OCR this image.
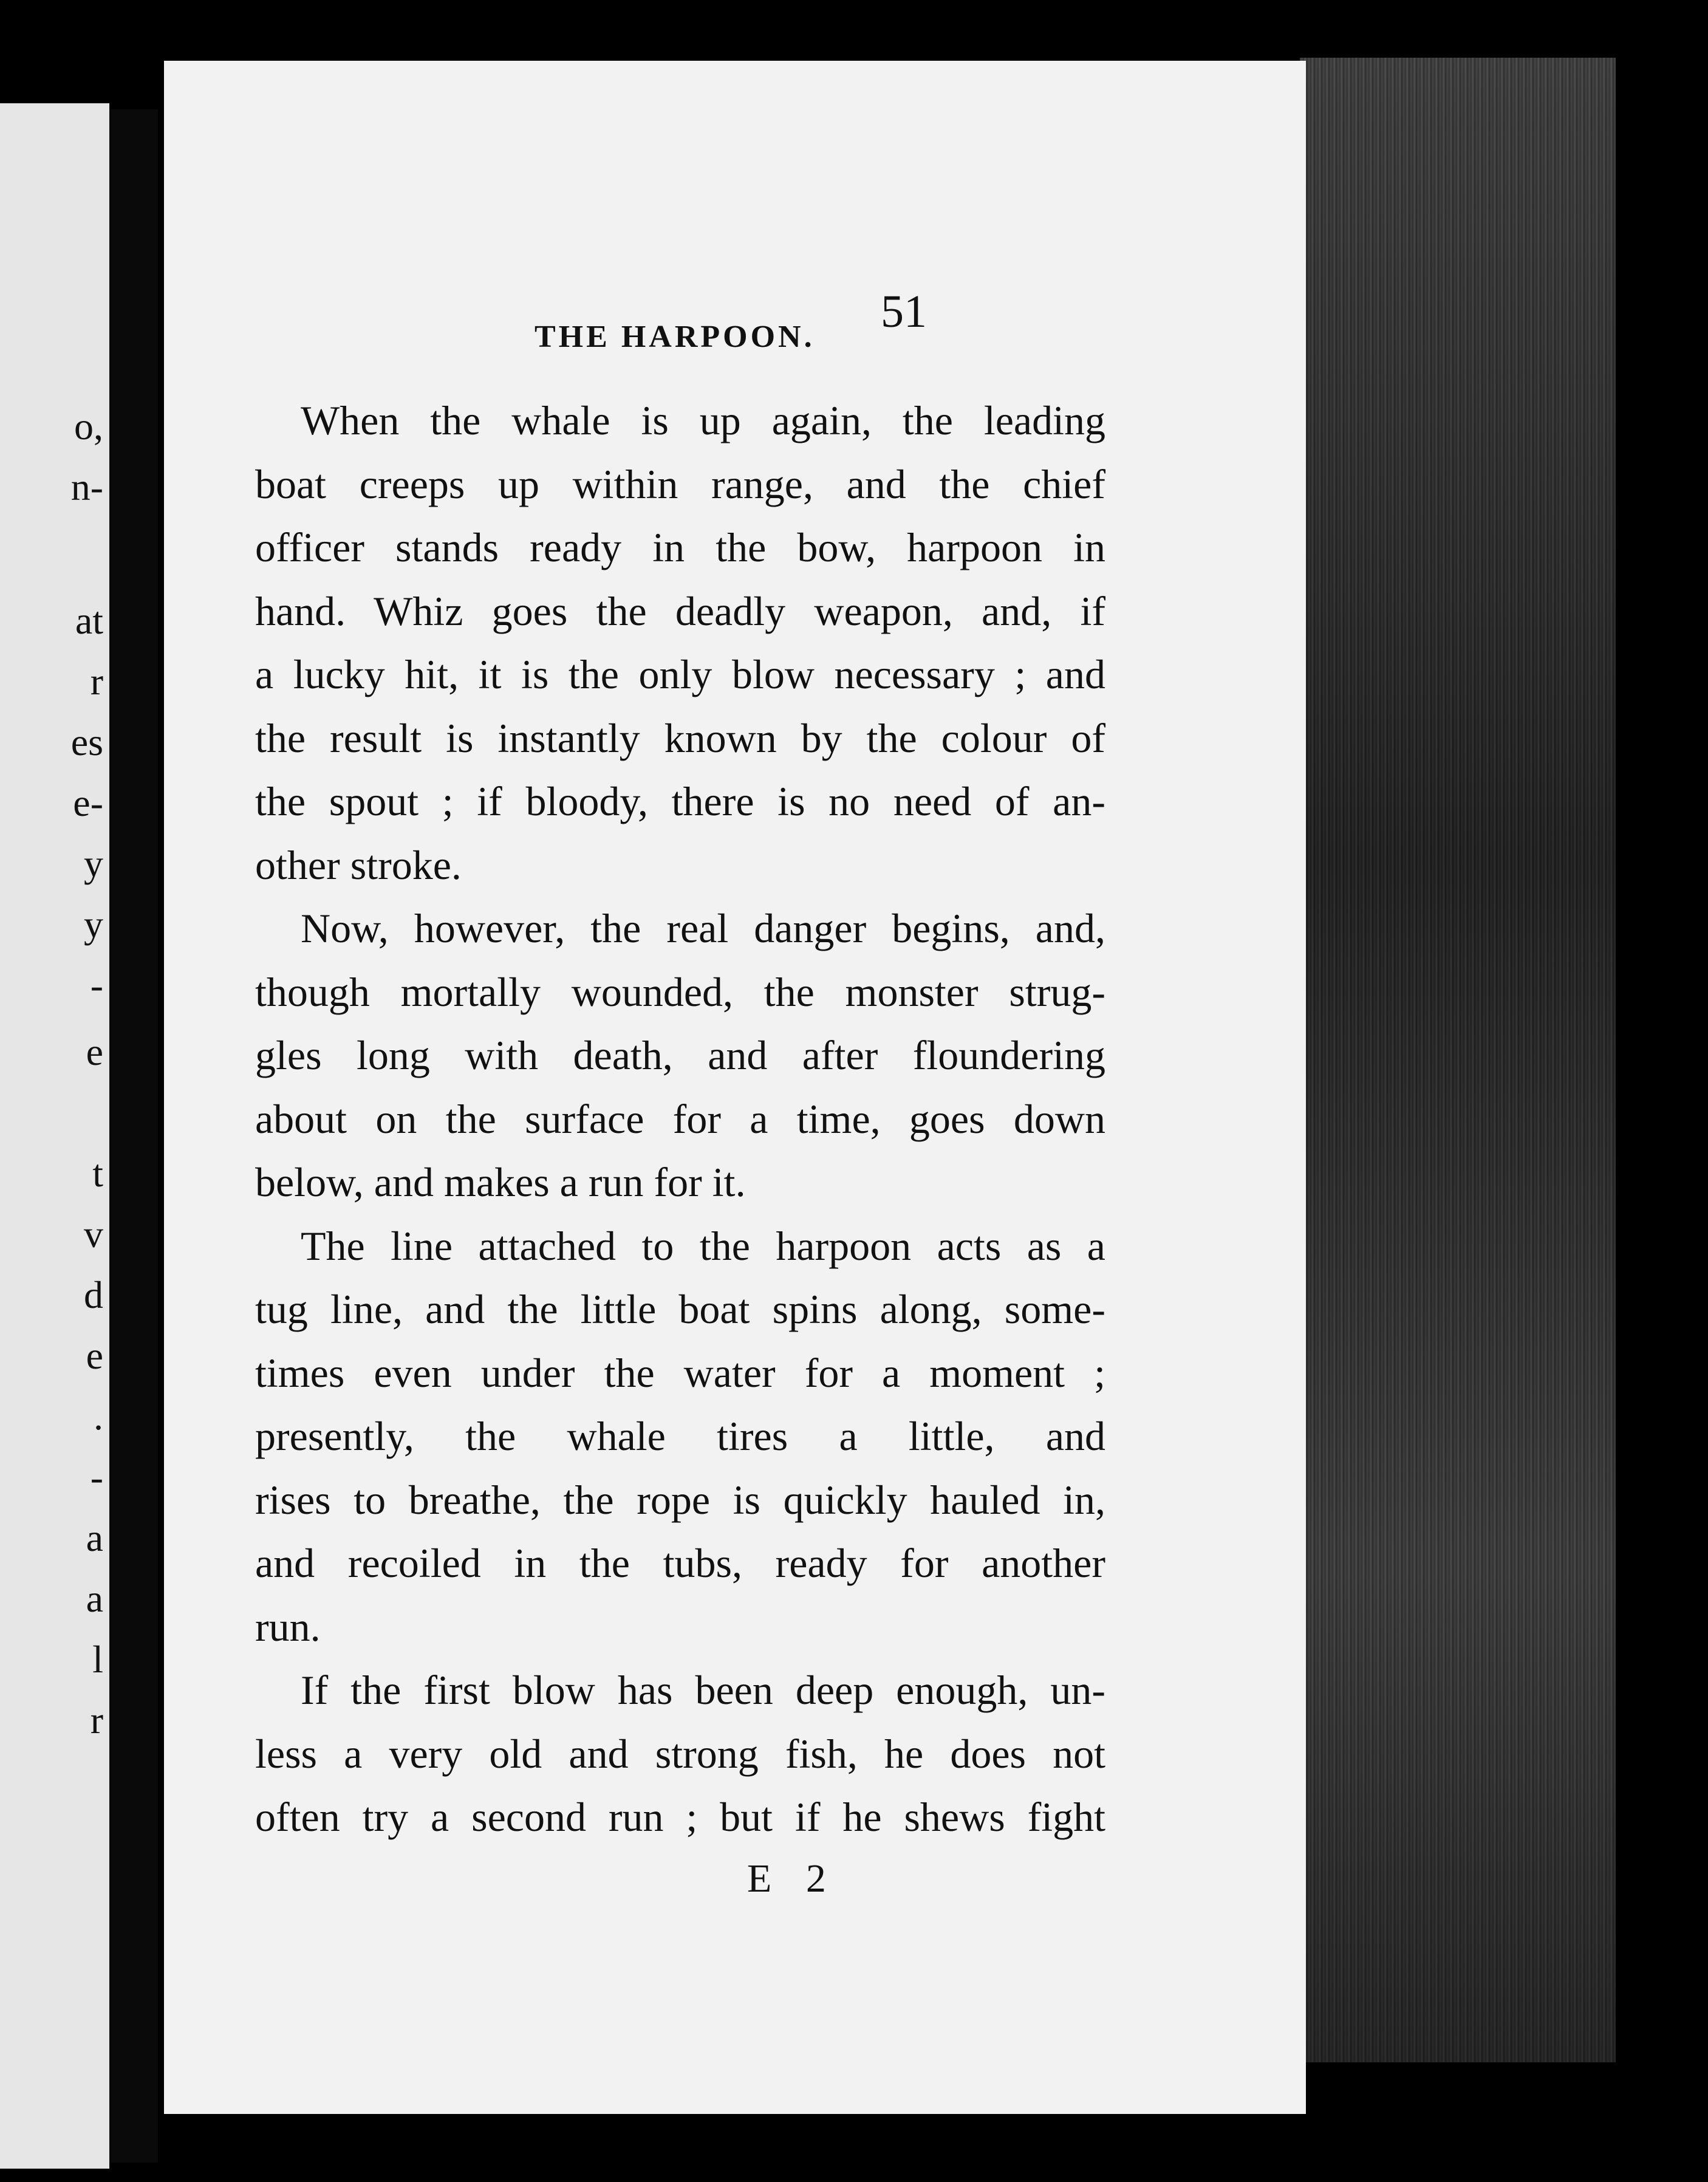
o,
n-
at
r
es
e-
y
y
-
e
t
v
d
e
.
-
a
a
l
r
THE HARPOON. 51
When the whale is up again, the leading
boat creeps up within range, and the chief
officer stands ready in the bow, harpoon in
hand. Whiz goes the deadly weapon, and, if
a lucky hit, it is the only blow necessary ; and
the result is instantly known by the colour of
the spout ; if bloody, there is no need of an-
other stroke.
Now, however, the real danger begins, and,
though mortally wounded, the monster strug-
gles long with death, and after floundering
about on the surface for a time, goes down
below, and makes a run for it.
The line attached to the harpoon acts as a
tug line, and the little boat spins along, some-
times even under the water for a moment ;
presently, the whale tires a little, and
rises to breathe, the rope is quickly hauled in,
and recoiled in the tubs, ready for another
run.
If the first blow has been deep enough, un-
less a very old and strong fish, he does not
often try a second run ; but if he shews fight
E 2
